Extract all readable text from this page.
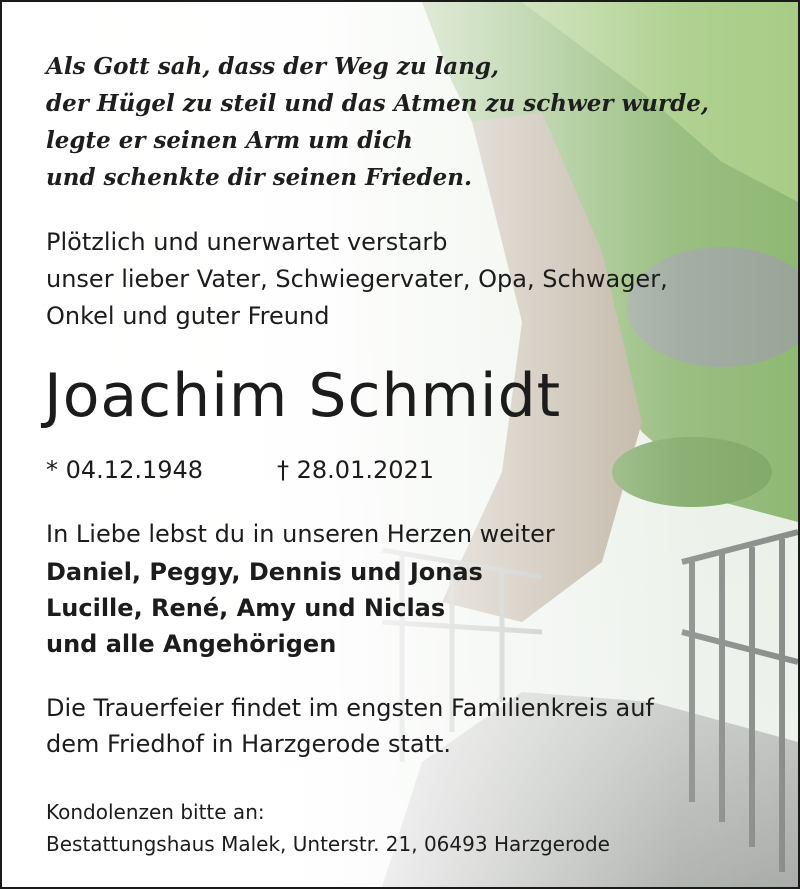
Als Gott sah, dass der Weg zu lang,
der Hügel zu steil und das Atmen zu schwer wurde,
legte er seinen Arm um dich
und schenkte dir seinen Frieden.
Plötzlich und unerwartet verstarb
unser lieber Vater, Schwiegervater, Opa, Schwager,
Onkel und guter Freund
Joachim Schmidt
* 04.12.1948	† 28.01.2021
In Liebe lebst du in unseren Herzen weiter
Daniel, Peggy, Dennis und Jonas
Lucille, René, Amy und Niclas
und alle Angehörigen
Die Trauerfeier findet im engsten Familienkreis auf
dem Friedhof in Harzgerode statt.
Kondolenzen bitte an:
Bestattungshaus Malek, Unterstr. 21, 06493 Harzgerode
